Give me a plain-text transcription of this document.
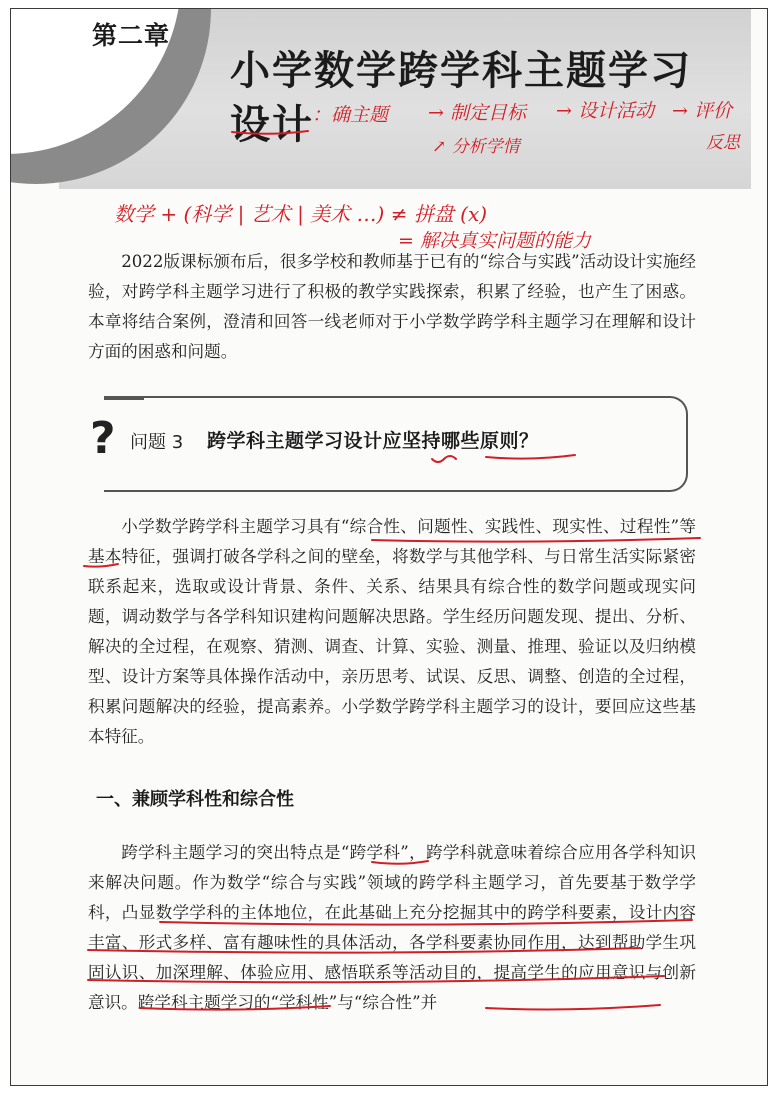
第二章
小学数学跨学科主题学习
设计
：确主题 → 制定目标 → 设计活动 → 评价
反思
↗ 分析学情
数学 + (科学 | 艺术 | 美术 …) ≠ 拼盘 (x)
= 解决真实问题的能力

2022版课标颁布后，很多学校和教师基于已有的“综合与实践”活动设计实施经验，对跨学科主题学习进行了积极的教学实践探索，积累了经验，也产生了困惑。本章将结合案例，澄清和回答一线老师对于小学数学跨学科主题学习在理解和设计方面的困惑和问题。

? 问题 3 跨学科主题学习设计应坚持哪些原则？

小学数学跨学科主题学习具有“综合性、问题性、实践性、现实性、过程性”等基本特征，强调打破各学科之间的壁垒，将数学与其他学科、与日常生活实际紧密联系起来，选取或设计背景、条件、关系、结果具有综合性的数学问题或现实问题，调动数学与各学科知识建构问题解决思路。学生经历问题发现、提出、分析、解决的全过程，在观察、猜测、调查、计算、实验、测量、推理、验证以及归纳模型、设计方案等具体操作活动中，亲历思考、试误、反思、调整、创造的全过程，积累问题解决的经验，提高素养。小学数学跨学科主题学习的设计，要回应这些基本特征。

一、兼顾学科性和综合性

跨学科主题学习的突出特点是“跨学科”，跨学科就意味着综合应用各学科知识来解决问题。作为数学“综合与实践”领域的跨学科主题学习，首先要基于数学学科，凸显数学学科的主体地位，在此基础上充分挖掘其中的跨学科要素，设计内容丰富、形式多样、富有趣味性的具体活动，各学科要素协同作用，达到帮助学生巩固认识、加深理解、体验应用、感悟联系等活动目的，提高学生的应用意识与创新意识。跨学科主题学习的“学科性”与“综合性”并
